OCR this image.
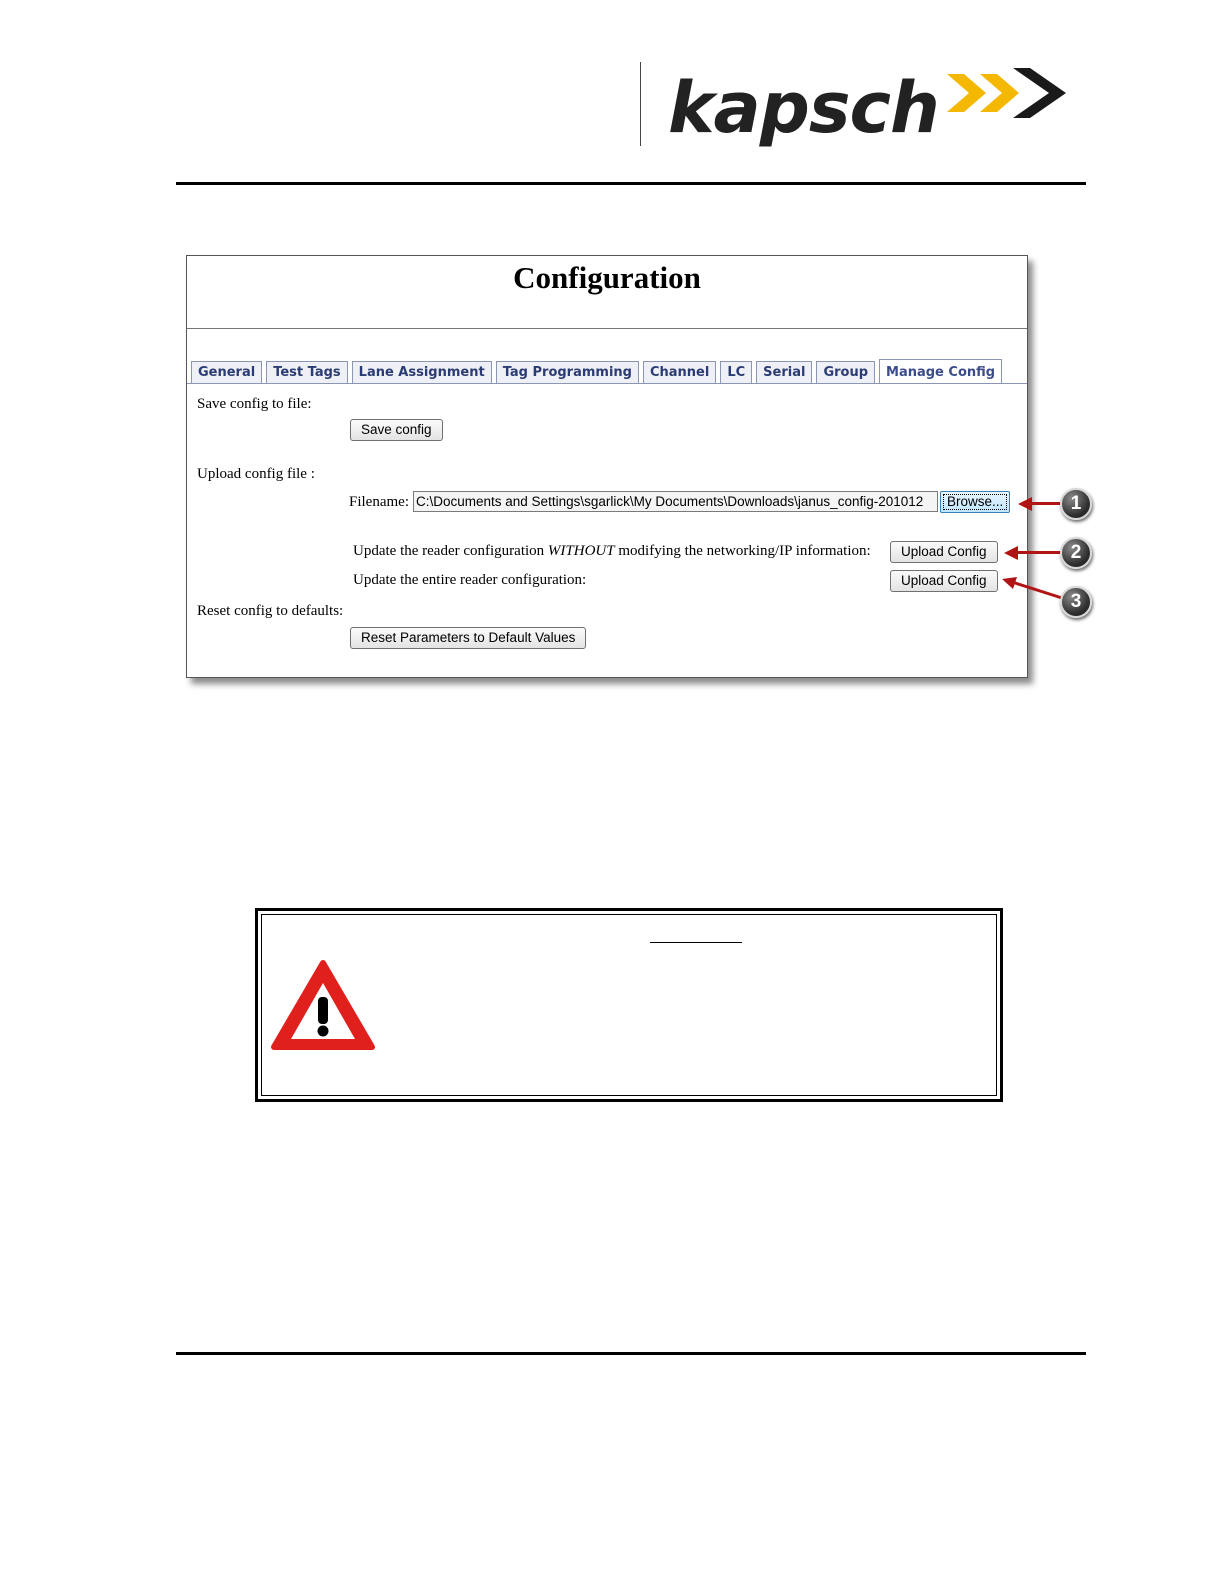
kapsch
Configuration
General	Test Tags	Lane Assignment	Tag Programming	Channel	LC	Serial	Group	Manage Config
Save config to file:
Save config
Upload config file :
Filename: C:\Documents and Settings\sgarlick\My Documents\Downloads\janus_config-201012	Browse...
Update the reader configuration WITHOUT modifying the networking/IP information:	Upload Config
Update the entire reader configuration:	Upload Config
Reset config to defaults:
Reset Parameters to Default Values
1
2
3
